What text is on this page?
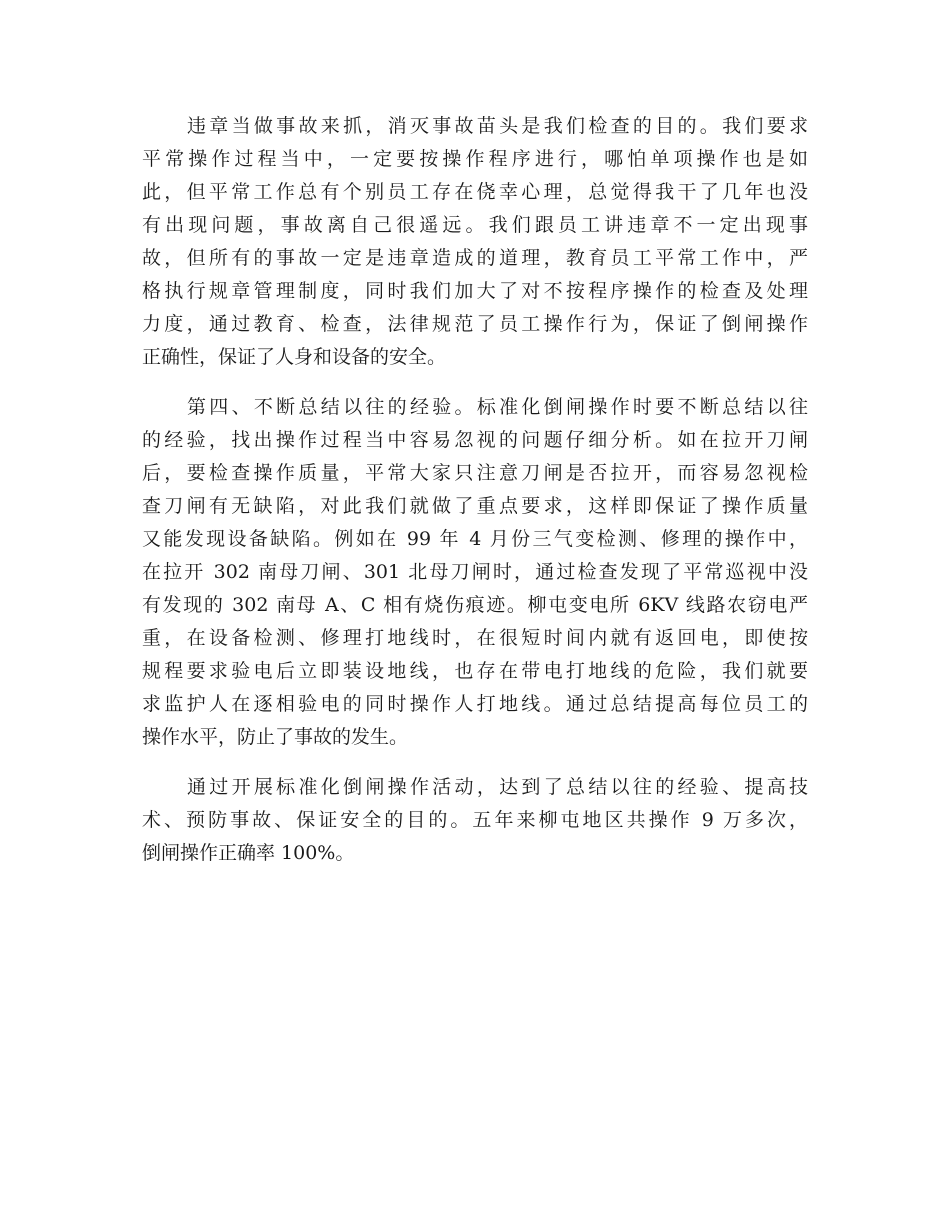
违章当做事故来抓，消灭事故苗头是我们检查的目的。我们要求
平常操作过程当中，一定要按操作程序进行，哪怕单项操作也是如
此，但平常工作总有个别员工存在侥幸心理，总觉得我干了几年也没
有出现问题，事故离自己很遥远。我们跟员工讲违章不一定出现事
故，但所有的事故一定是违章造成的道理，教育员工平常工作中，严
格执行规章管理制度，同时我们加大了对不按程序操作的检查及处理
力度，通过教育、检查，法律规范了员工操作行为，保证了倒闸操作
正确性，保证了人身和设备的安全。
第四、不断总结以往的经验。标准化倒闸操作时要不断总结以往
的经验，找出操作过程当中容易忽视的问题仔细分析。如在拉开刀闸
后，要检查操作质量，平常大家只注意刀闸是否拉开，而容易忽视检
查刀闸有无缺陷，对此我们就做了重点要求，这样即保证了操作质量
又能发现设备缺陷。例如在 99 年 4 月份三气变检测、修理的操作中，
在拉开 302 南母刀闸、301 北母刀闸时，通过检查发现了平常巡视中没
有发现的 302 南母 A、C 相有烧伤痕迹。柳屯变电所 6KV 线路农窃电严
重，在设备检测、修理打地线时，在很短时间内就有返回电，即使按
规程要求验电后立即装设地线，也存在带电打地线的危险，我们就要
求监护人在逐相验电的同时操作人打地线。通过总结提高每位员工的
操作水平，防止了事故的发生。
通过开展标准化倒闸操作活动，达到了总结以往的经验、提高技
术、预防事故、保证安全的目的。五年来柳屯地区共操作 9 万多次，
倒闸操作正确率 100%。
